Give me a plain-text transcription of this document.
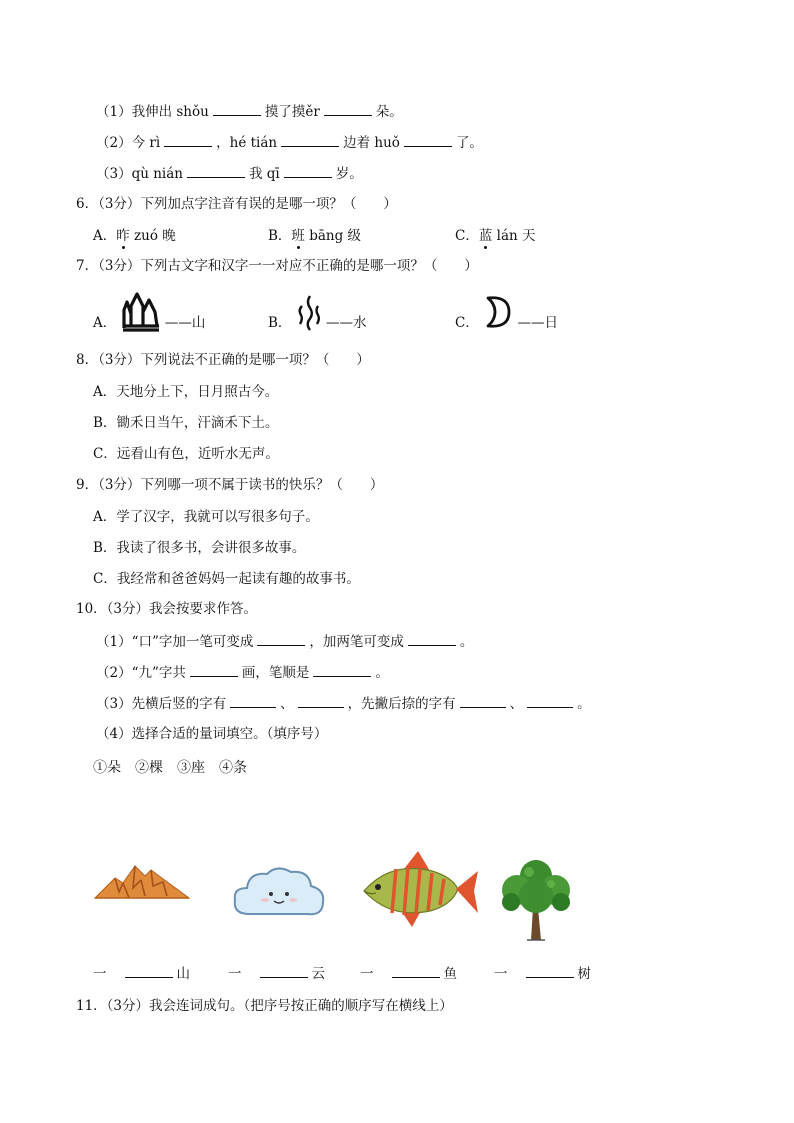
（1）我伸出 shǒu	摸了摸ěr	朵。
（2）今 rì	，hé tián	边着 huǒ	了。
（3）qù nián	我 qī	岁。
6．（3分）下列加点字注音有误的是哪一项？（　　）
A．昨 zuó 晚	B．班 bāng 级	C．蓝 lán 天
7．（3分）下列古文字和汉字一一对应不正确的是哪一项？（　　）
A．	——山	B．	——水	C．	——日
8．（3分）下列说法不正确的是哪一项？（　　）
A．天地分上下，日月照古今。
B．锄禾日当午，汗滴禾下土。
C．远看山有色，近听水无声。
9．（3分）下列哪一项不属于读书的快乐？（　　）
A．学了汉字，我就可以写很多句子。
B．我读了很多书，会讲很多故事。
C．我经常和爸爸妈妈一起读有趣的故事书。
10．（3分）我会按要求作答。
（1）“口”字加一笔可变成	，加两笔可变成	。
（2）“九”字共	画，笔顺是	。
（3）先横后竖的字有	、	，先撇后捺的字有	、	。
（4）选择合适的量词填空。（填序号）
①朵　②棵　③座　④条
一	山	一	云	一	鱼	一	树
11．（3分）我会连词成句。（把序号按正确的顺序写在横线上）
